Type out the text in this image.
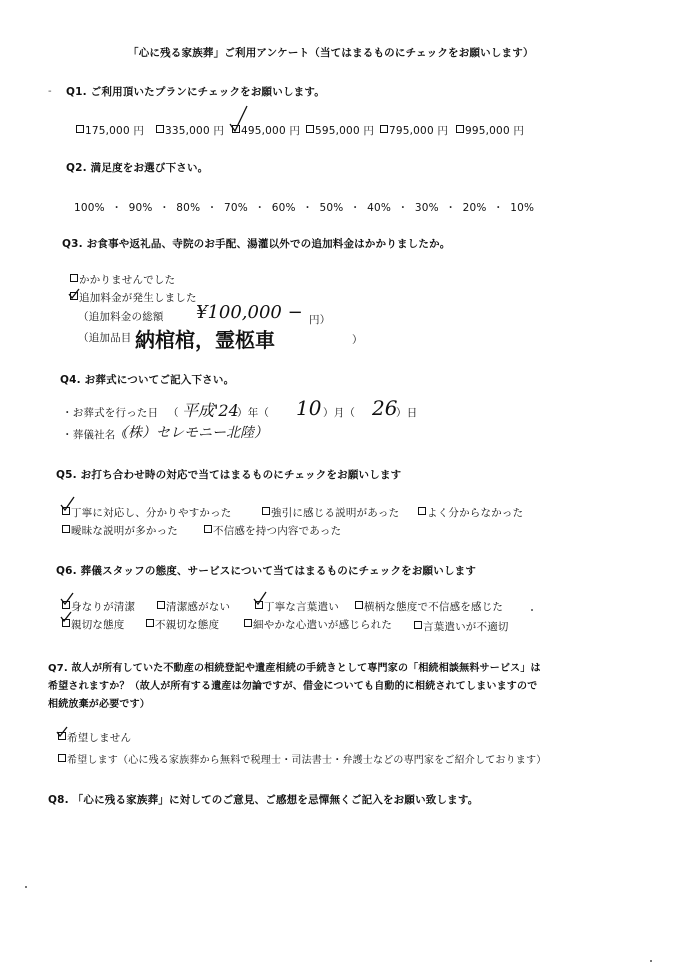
「心に残る家族葬」ご利用アンケート（当てはまるものにチェックをお願いします）
- Q1. ご利用頂いたプランにチェックをお願いします。
175,000 円	335,000 円	495,000 円	595,000 円	795,000 円	995,000 円
Q2. 満足度をお選び下さい。
100% ・ 90% ・ 80% ・ 70% ・ 60% ・ 50% ・ 40% ・ 30% ・ 20% ・ 10%
Q3. お食事や返礼品、寺院のお手配、湯灌以外での追加料金はかかりましたか。
かかりませんでした
追加料金が発生しました
（追加料金の総額 ¥100,000 − 円）
（追加品目 納棺棺，霊柩車	）
Q4. お葬式についてご記入下さい。
・お葬式を行った日 （ 平成'24
）年（ 10 ）月（ 26
）日
・葬儀社名（
（株）セレモニー北陸）
Q5. お打ち合わせ時の対応で当てはまるものにチェックをお願いします
丁寧に対応し、分かりやすかった	強引に感じる説明があった	よく分からなかった
曖昧な説明が多かった	不信感を持つ内容であった
Q6. 葬儀スタッフの態度、サービスについて当てはまるものにチェックをお願いします
身なりが清潔	清潔感がない	丁寧な言葉遣い	横柄な態度で不信感を感じた
親切な態度	不親切な態度	細やかな心遣いが感じられた	言葉遣いが不適切
Q7. 故人が所有していた不動産の相続登記や遺産相続の手続きとして専門家の「相続相談無料サービス」は
希望されますか？（故人が所有する遺産は勿論ですが、借金についても自動的に相続されてしまいますので
相続放棄が必要です）
希望しません
希望します（心に残る家族葬から無料で税理士・司法書士・弁護士などの専門家をご紹介しております）
Q8. 「心に残る家族葬」に対してのご意見、ご感想を忌憚無くご記入をお願い致します。
